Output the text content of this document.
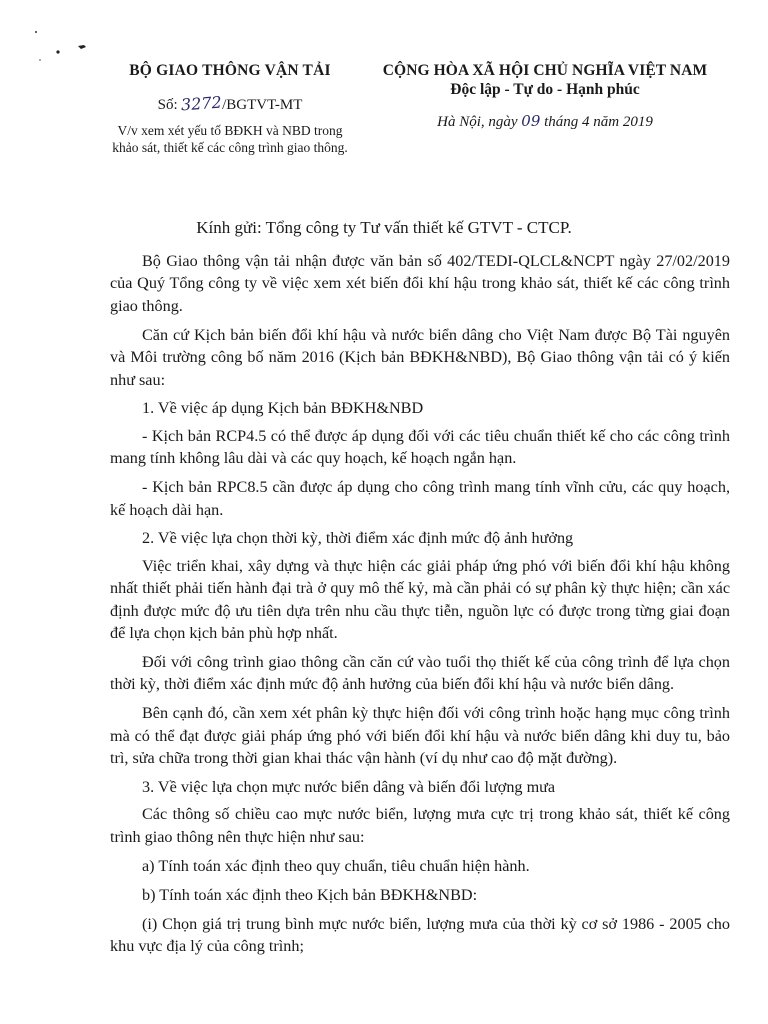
BỘ GIAO THÔNG VẬN TẢI
Số: 3272/BGTVT-MT
V/v xem xét yếu tố BĐKH và NBD trong khảo sát, thiết kế các công trình giao thông.
CỘNG HÒA XÃ HỘI CHỦ NGHĨA VIỆT NAM
Độc lập - Tự do - Hạnh phúc
Hà Nội, ngày 09 tháng 4 năm 2019
Kính gửi: Tổng công ty Tư vấn thiết kế GTVT - CTCP.

Bộ Giao thông vận tải nhận được văn bản số 402/TEDI-QLCL&NCPT ngày 27/02/2019 của Quý Tổng công ty về việc xem xét biến đổi khí hậu trong khảo sát, thiết kế các công trình giao thông.

Căn cứ Kịch bản biến đổi khí hậu và nước biển dâng cho Việt Nam được Bộ Tài nguyên và Môi trường công bố năm 2016 (Kịch bản BĐKH&NBD), Bộ Giao thông vận tải có ý kiến như sau:

1. Về việc áp dụng Kịch bản BĐKH&NBD

- Kịch bản RCP4.5 có thể được áp dụng đối với các tiêu chuẩn thiết kế cho các công trình mang tính không lâu dài và các quy hoạch, kế hoạch ngắn hạn.

- Kịch bản RPC8.5 cần được áp dụng cho công trình mang tính vĩnh cửu, các quy hoạch, kế hoạch dài hạn.

2. Về việc lựa chọn thời kỳ, thời điểm xác định mức độ ảnh hưởng

Việc triển khai, xây dựng và thực hiện các giải pháp ứng phó với biến đổi khí hậu không nhất thiết phải tiến hành đại trà ở quy mô thế kỷ, mà cần phải có sự phân kỳ thực hiện; cần xác định được mức độ ưu tiên dựa trên nhu cầu thực tiễn, nguồn lực có được trong từng giai đoạn để lựa chọn kịch bản phù hợp nhất.

Đối với công trình giao thông cần căn cứ vào tuổi thọ thiết kế của công trình để lựa chọn thời kỳ, thời điểm xác định mức độ ảnh hưởng của biến đổi khí hậu và nước biển dâng.

Bên cạnh đó, cần xem xét phân kỳ thực hiện đối với công trình hoặc hạng mục công trình mà có thể đạt được giải pháp ứng phó với biến đổi khí hậu và nước biển dâng khi duy tu, bảo trì, sửa chữa trong thời gian khai thác vận hành (ví dụ như cao độ mặt đường).

3. Về việc lựa chọn mực nước biển dâng và biến đổi lượng mưa

Các thông số chiều cao mực nước biển, lượng mưa cực trị trong khảo sát, thiết kế công trình giao thông nên thực hiện như sau:

a) Tính toán xác định theo quy chuẩn, tiêu chuẩn hiện hành.

b) Tính toán xác định theo Kịch bản BĐKH&NBD:

(i) Chọn giá trị trung bình mực nước biển, lượng mưa của thời kỳ cơ sở 1986 - 2005 cho khu vực địa lý của công trình;
